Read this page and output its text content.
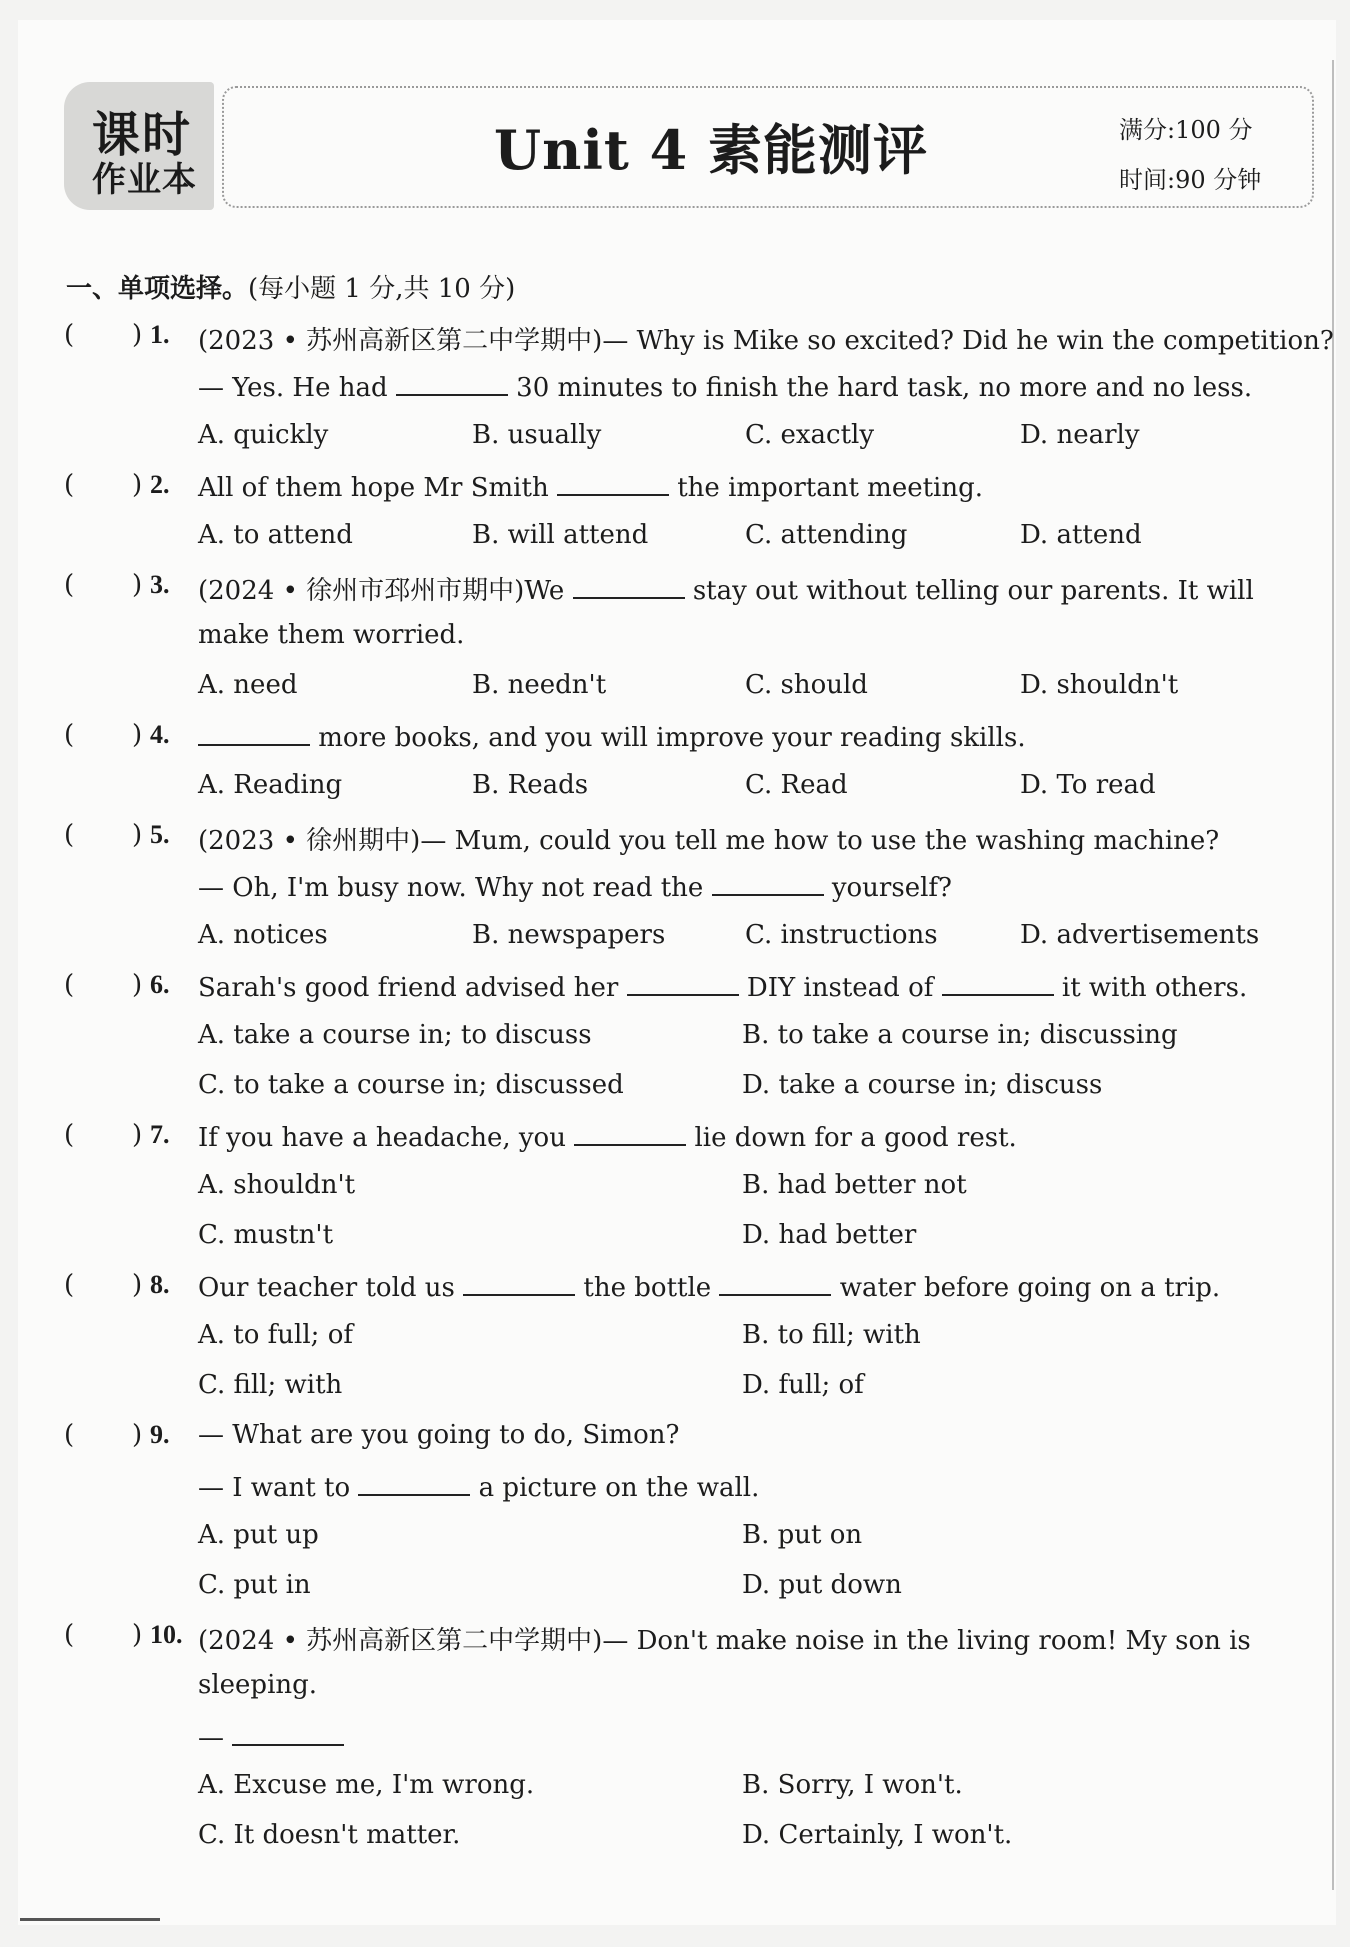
课时
作业本	Unit 4 素能测评	满分:100 分
时间:90 分钟
一、单项选择。(每小题 1 分,共 10 分)
(       ) 1. (2023 • 苏州高新区第二中学期中)— Why is Mike so excited? Did he win the competition?
— Yes. He had	30 minutes to finish the hard task, no more and no less.
A. quickly	B. usually	C. exactly	D. nearly
(       ) 2. All of them hope Mr Smith	the important meeting.
A. to attend	B. will attend	C. attending	D. attend
(       ) 3. (2024 • 徐州市邳州市期中)We	stay out without telling our parents. It will
make them worried.
A. need	B. needn't	C. should	D. shouldn't
(       ) 4.	more books, and you will improve your reading skills.
A. Reading	B. Reads	C. Read	D. To read
(       ) 5. (2023 • 徐州期中)— Mum, could you tell me how to use the washing machine?
— Oh, I'm busy now. Why not read the	yourself?
A. notices	B. newspapers	C. instructions	D. advertisements
(       ) 6. Sarah's good friend advised her	DIY instead of	it with others.
A. take a course in; to discuss	B. to take a course in; discussing
C. to take a course in; discussed	D. take a course in; discuss
(       ) 7. If you have a headache, you	lie down for a good rest.
A. shouldn't	B. had better not
C. mustn't	D. had better
(       ) 8. Our teacher told us	the bottle	water before going on a trip.
A. to full; of	B. to fill; with
C. fill; with	D. full; of
(       ) 9. — What are you going to do, Simon?
— I want to	a picture on the wall.
A. put up	B. put on
C. put in	D. put down
(       ) 10. (2024 • 苏州高新区第二中学期中)— Don't make noise in the living room! My son is
sleeping.
—
A. Excuse me, I'm wrong.	B. Sorry, I won't.
C. It doesn't matter.	D. Certainly, I won't.
